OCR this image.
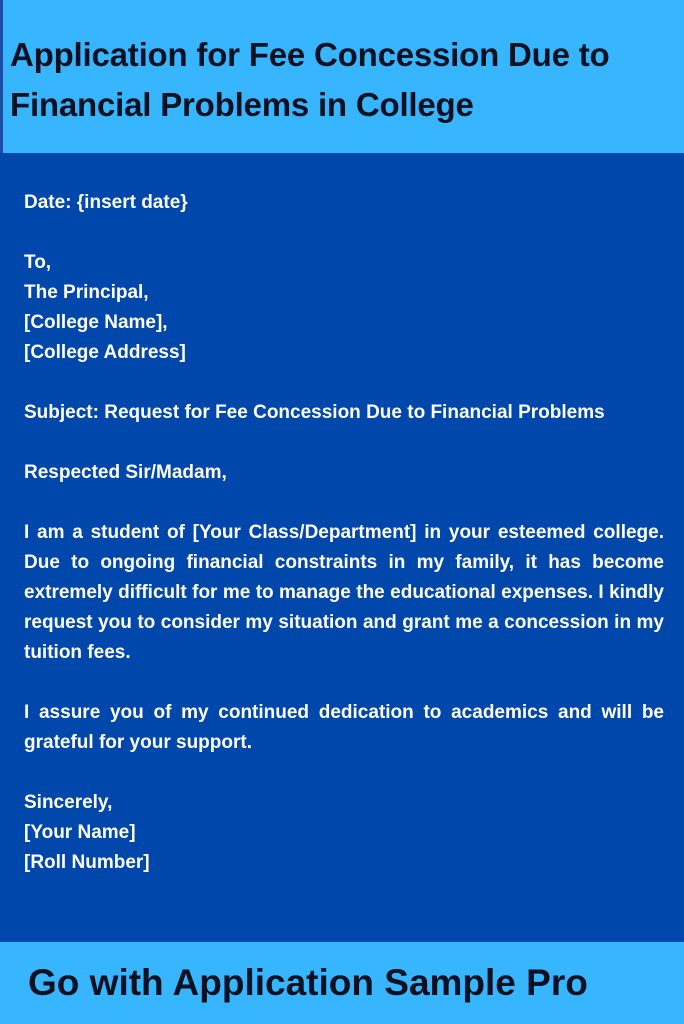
Application for Fee Concession Due to
Financial Problems in College
Date: {insert date}
To,
The Principal,
[College Name],
[College Address]
Subject: Request for Fee Concession Due to Financial Problems
Respected Sir/Madam,

I am a student of [Your Class/Department] in your esteemed college. Due to ongoing financial constraints in my family, it has become extremely difficult for me to manage the educational expenses. I kindly request you to consider my situation and grant me a concession in my tuition fees.

I assure you of my continued dedication to academics and will be grateful for your support.

Sincerely,
[Your Name]
[Roll Number]

Go with Application Sample Pro
